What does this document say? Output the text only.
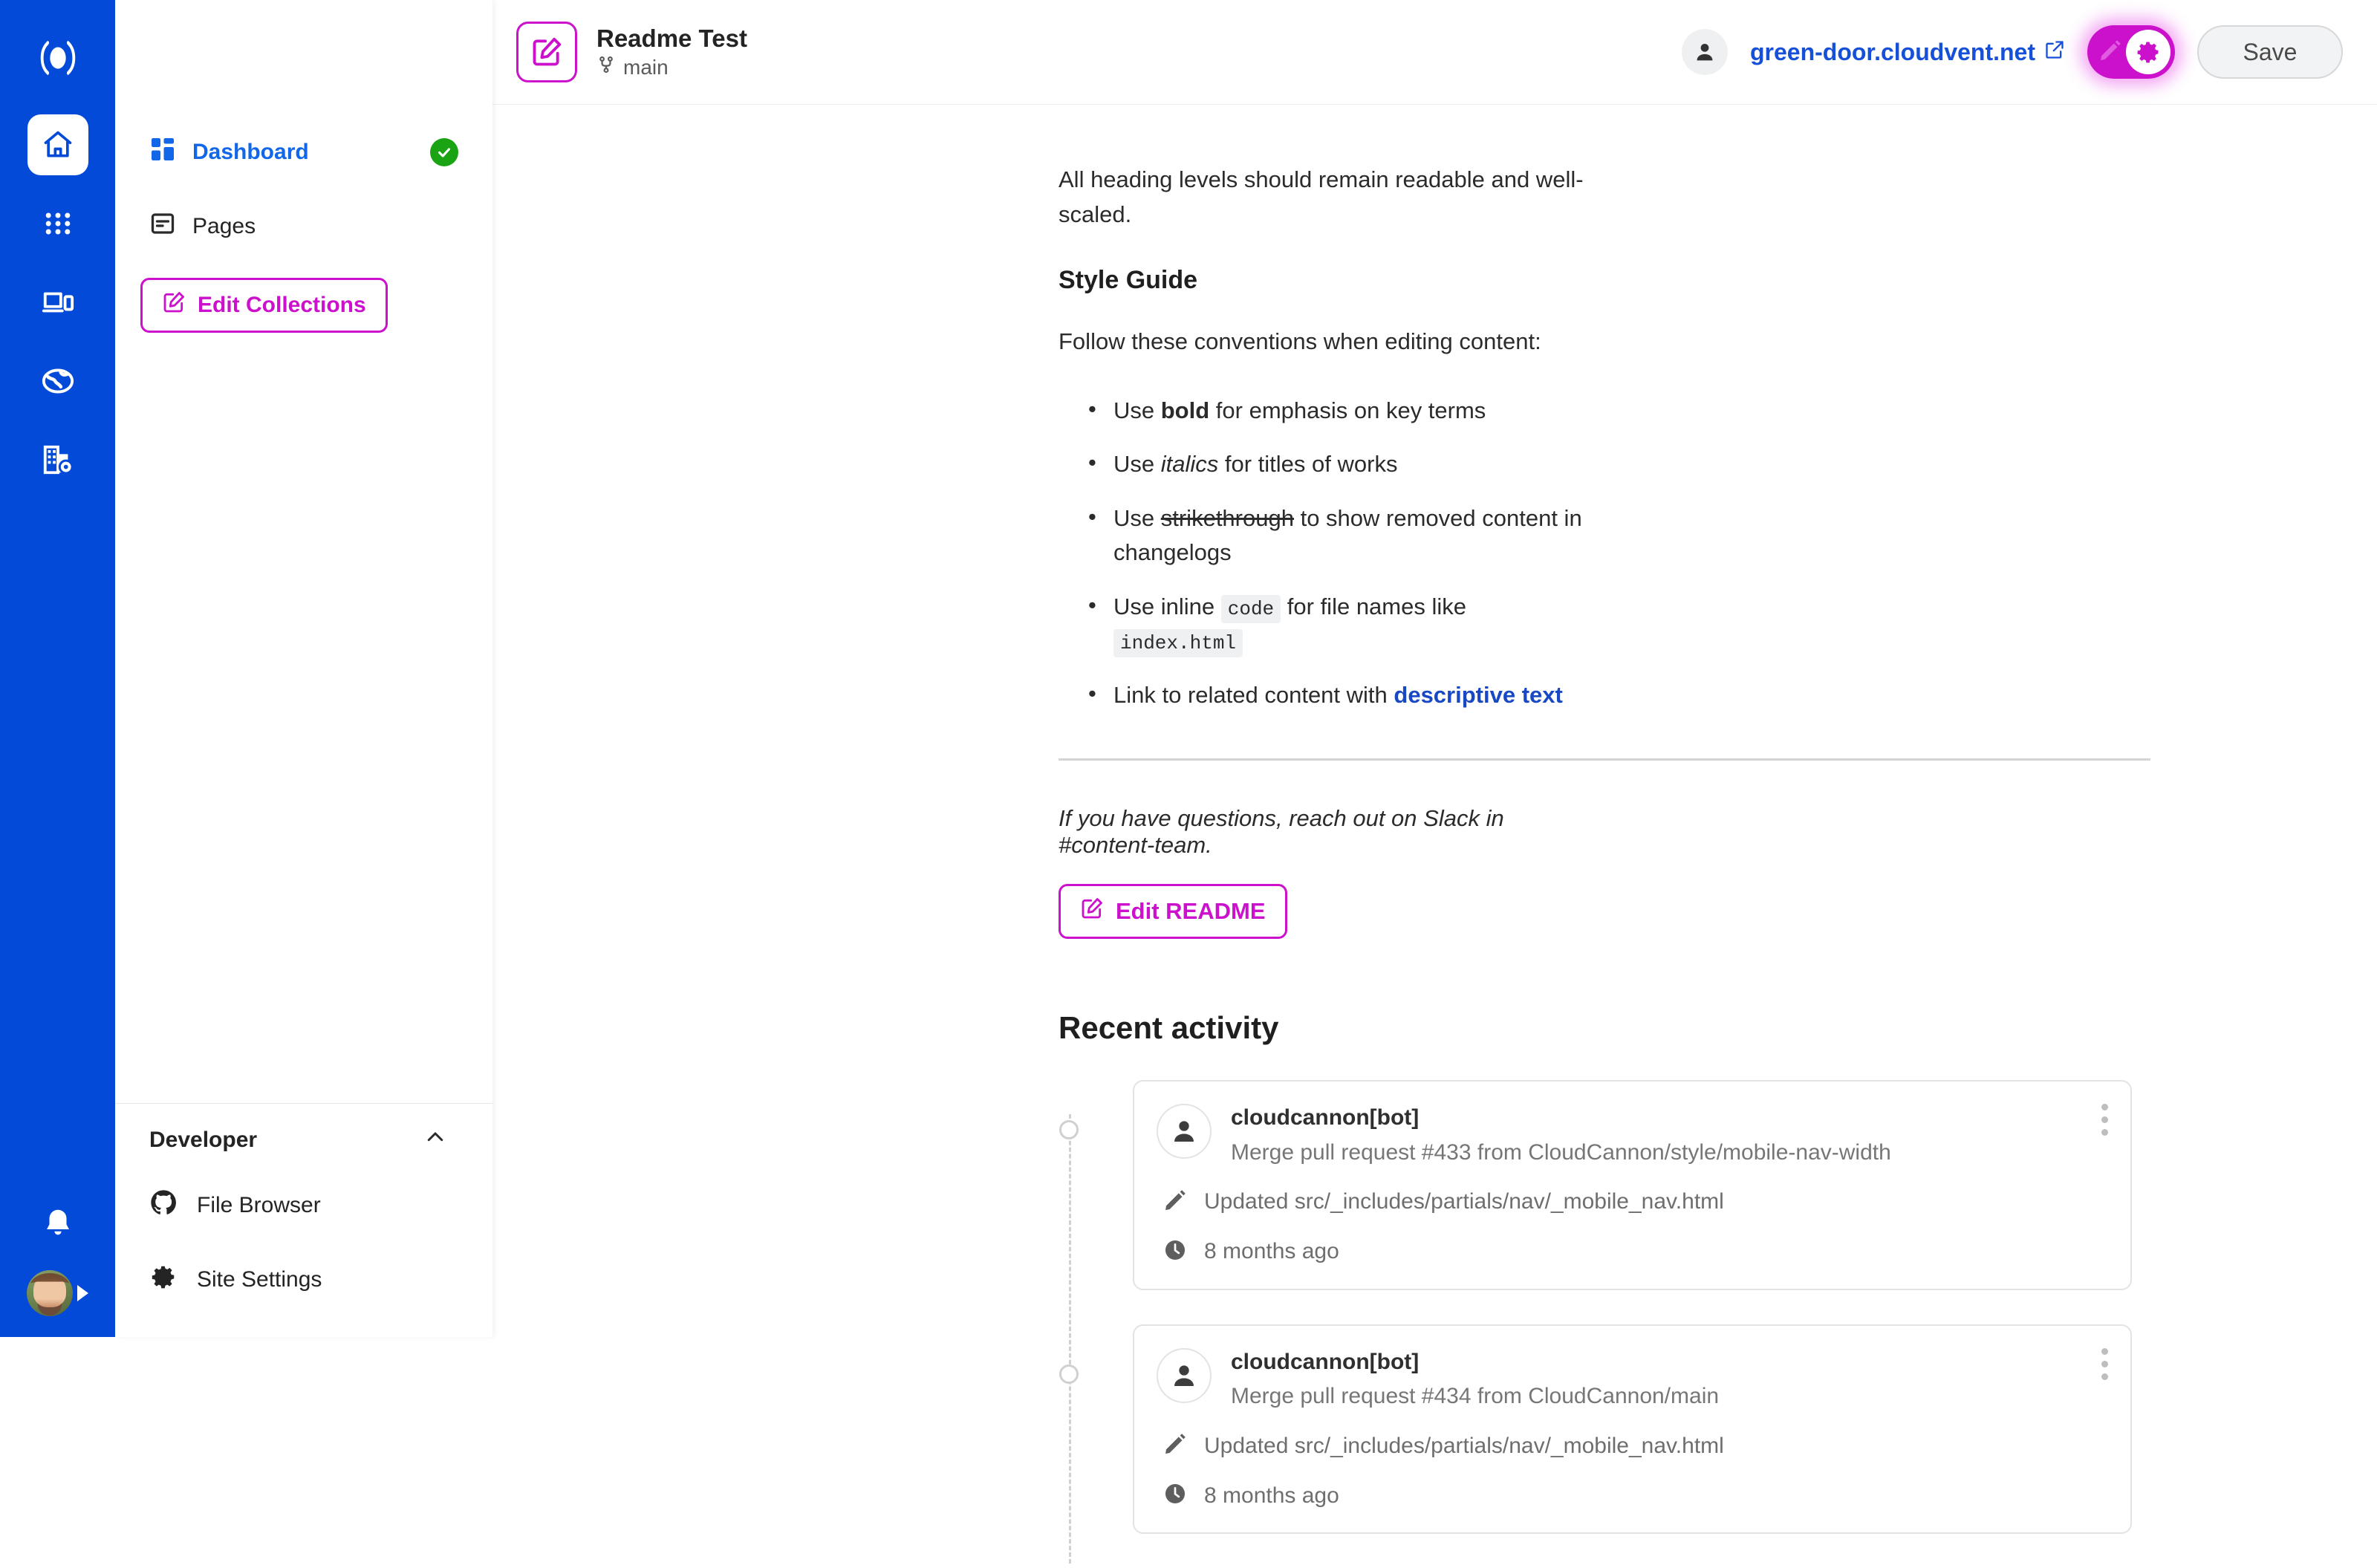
Dashboard
Pages
Edit Collections
Developer
File Browser
Site Settings
Readme Test
main
green-door.cloudvent.net	Save

All heading levels should remain readable and well-scaled.

Style Guide

Follow these conventions when editing content:

• Use bold for emphasis on key terms
• Use italics for titles of works
• Use strikethrough to show removed content in changelogs
• Use inline code for file names like index.html
• Link to related content with descriptive text

If you have questions, reach out on Slack in #content-team.

Edit README
Recent activity
cloudcannon[bot]
Merge pull request #433 from CloudCannon/style/mobile-nav-width
Updated src/_includes/partials/nav/_mobile_nav.html
8 months ago
cloudcannon[bot]
Merge pull request #434 from CloudCannon/main
Updated src/_includes/partials/nav/_mobile_nav.html
8 months ago
